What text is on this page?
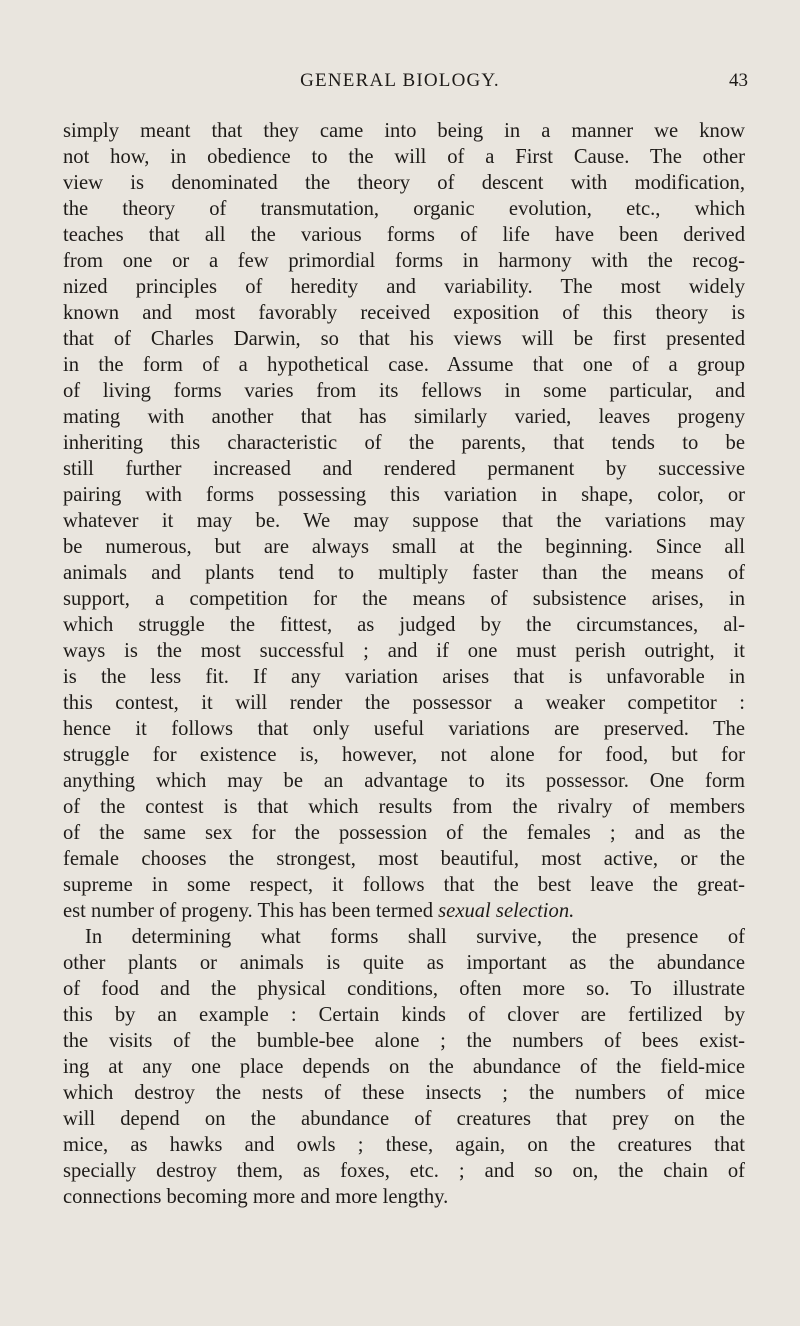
GENERAL BIOLOGY.	43
simply meant that they came into being in a manner we know
not how, in obedience to the will of a First Cause. The other
view is denominated the theory of descent with modification,
the theory of transmutation, organic evolution, etc., which
teaches that all the various forms of life have been derived
from one or a few primordial forms in harmony with the recog-
nized principles of heredity and variability. The most widely
known and most favorably received exposition of this theory is
that of Charles Darwin, so that his views will be first presented
in the form of a hypothetical case. Assume that one of a group
of living forms varies from its fellows in some particular, and
mating with another that has similarly varied, leaves progeny
inheriting this characteristic of the parents, that tends to be
still further increased and rendered permanent by successive
pairing with forms possessing this variation in shape, color, or
whatever it may be. We may suppose that the variations may
be numerous, but are always small at the beginning. Since all
animals and plants tend to multiply faster than the means of
support, a competition for the means of subsistence arises, in
which struggle the fittest, as judged by the circumstances, al-
ways is the most successful ; and if one must perish outright, it
is the less fit. If any variation arises that is unfavorable in
this contest, it will render the possessor a weaker competitor :
hence it follows that only useful variations are preserved. The
struggle for existence is, however, not alone for food, but for
anything which may be an advantage to its possessor. One form
of the contest is that which results from the rivalry of members
of the same sex for the possession of the females ; and as the
female chooses the strongest, most beautiful, most active, or the
supreme in some respect, it follows that the best leave the great-
est number of progeny. This has been termed sexual selection.
In determining what forms shall survive, the presence of
other plants or animals is quite as important as the abundance
of food and the physical conditions, often more so. To illustrate
this by an example : Certain kinds of clover are fertilized by
the visits of the bumble-bee alone ; the numbers of bees exist-
ing at any one place depends on the abundance of the field-mice
which destroy the nests of these insects ; the numbers of mice
will depend on the abundance of creatures that prey on the
mice, as hawks and owls ; these, again, on the creatures that
specially destroy them, as foxes, etc. ; and so on, the chain of
connections becoming more and more lengthy.
